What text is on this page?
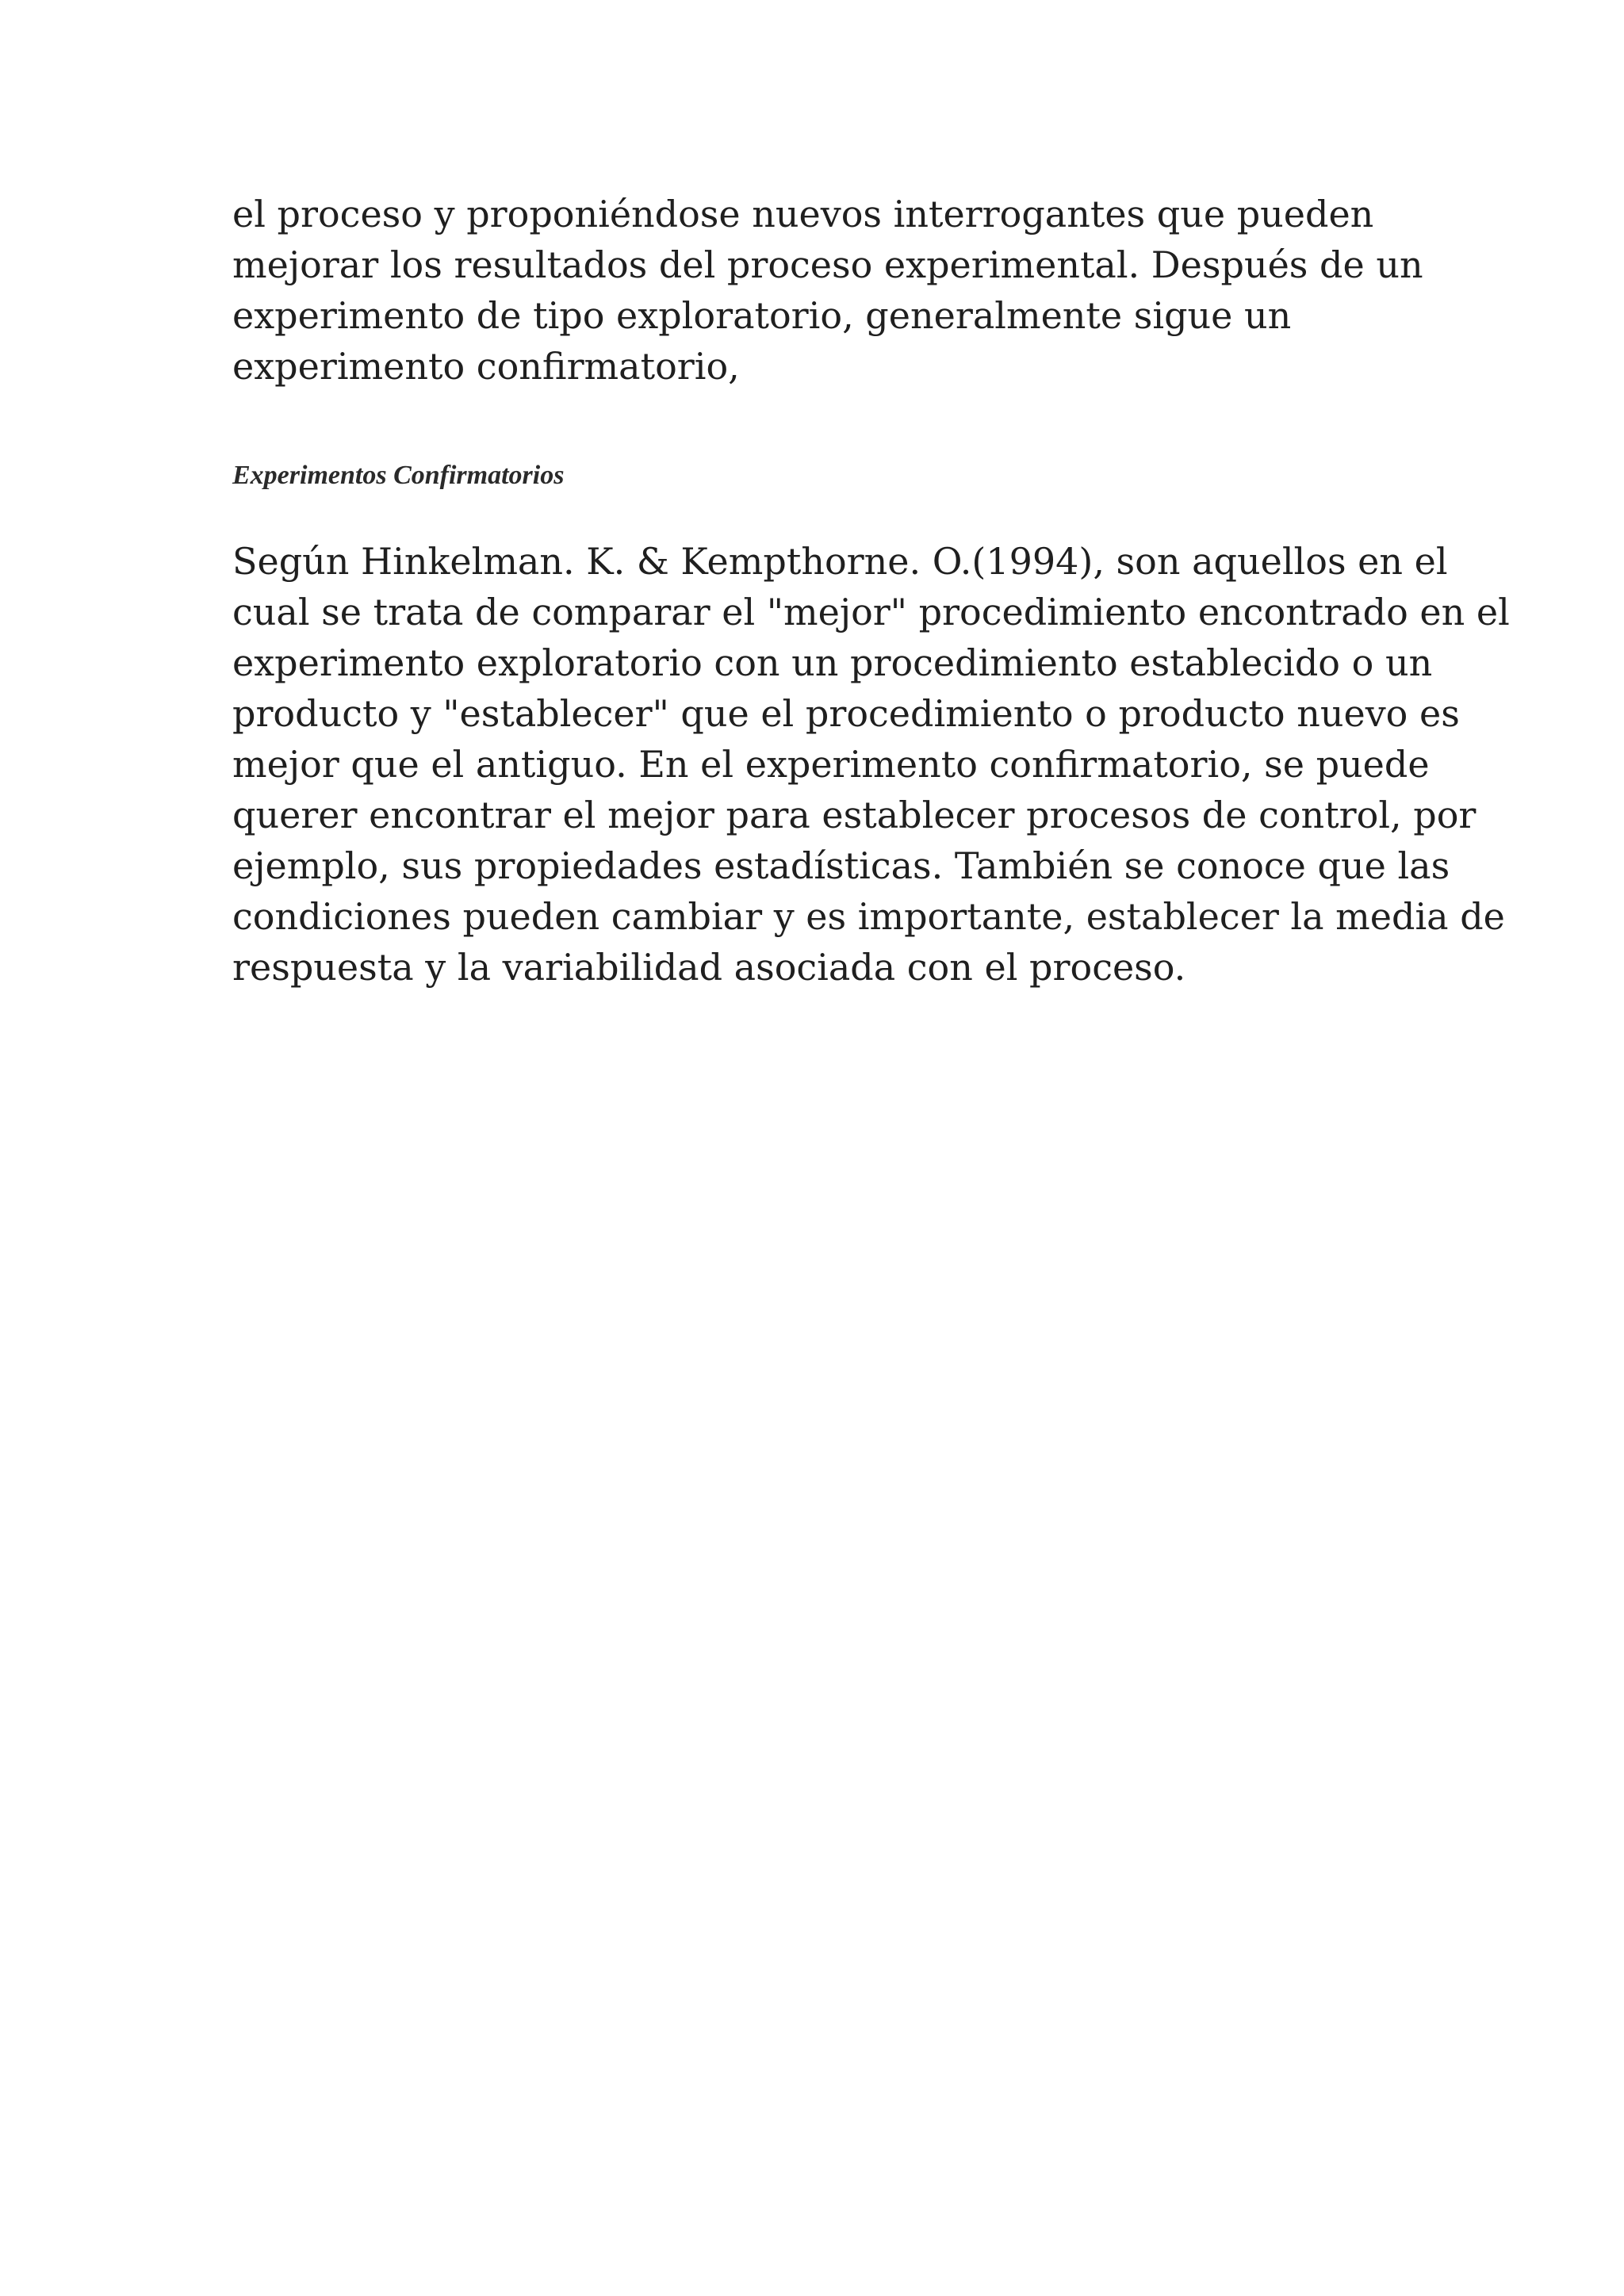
el proceso y proponiéndose nuevos interrogantes que pueden
mejorar los resultados del proceso experimental. Después de un
experimento de tipo exploratorio, generalmente sigue un
experimento confirmatorio,

Experimentos Confirmatorios

Según Hinkelman. K. & Kempthorne. O.(1994), son aquellos en el
cual se trata de comparar el "mejor" procedimiento encontrado en el
experimento exploratorio con un procedimiento establecido o un
producto y "establecer" que el procedimiento o producto nuevo es
mejor que el antiguo. En el experimento confirmatorio, se puede
querer encontrar el mejor para establecer procesos de control, por
ejemplo, sus propiedades estadísticas. También se conoce que las
condiciones pueden cambiar y es importante, establecer la media de
respuesta y la variabilidad asociada con el proceso.
